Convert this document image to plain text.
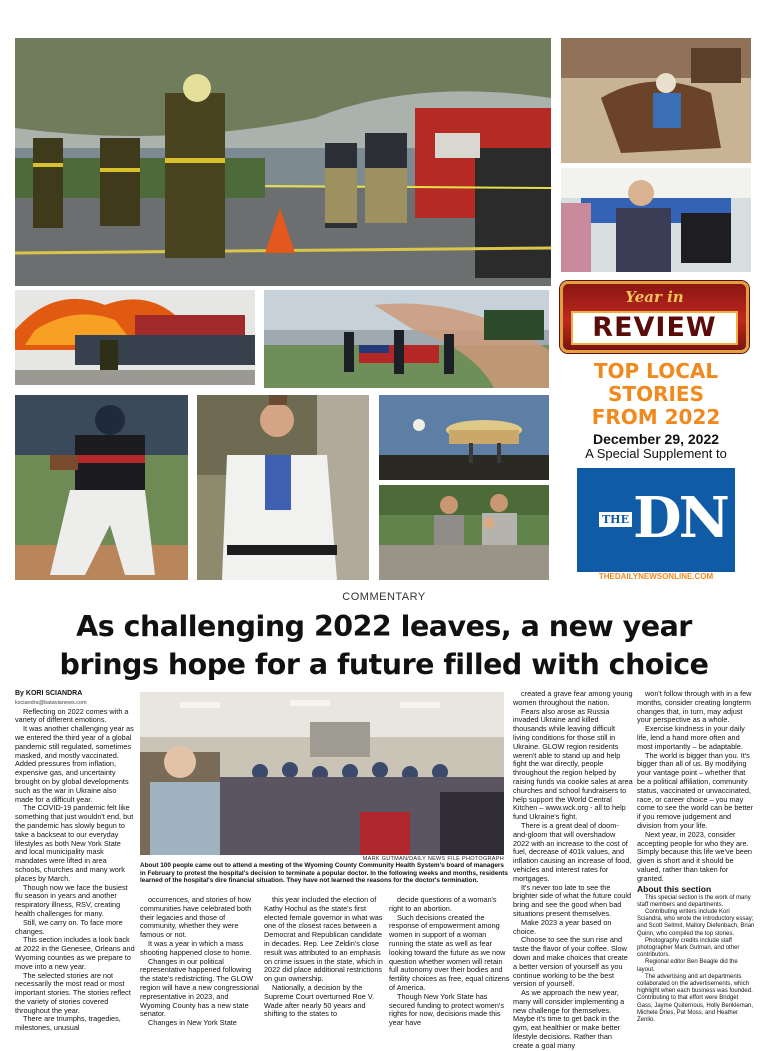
Year in
REVIEW
TOP LOCAL
STORIES
FROM 2022
December 29, 2022
A Special Supplement to
THE DN
THEDAILYNEWSONLINE.COM
COMMENTARY
As challenging 2022 leaves, a new year
brings hope for a future filled with choice

By KORI SCIANDRA

ksciandra@batavianews.com

Reflecting on 2022 comes with a variety of different emotions.

It was another challenging year as we entered the third year of a global pandemic still regulated, sometimes masked, and mostly vaccinated. Added pressures from inflation, expensive gas, and uncertainty brought on by global developments such as the war in Ukraine also made for a difficult year.

The COVID-19 pandemic felt like something that just wouldn't end, but the pandemic has slowly begun to take a backseat to our everyday lifestyles as both New York State and local municipality mask mandates were lifted in area schools, churches and many work places by March.

Though now we face the busiest flu season in years and another respiratory illness, RSV, creating health challenges for many.

Still, we carry on. To face more changes.

This section includes a look back at 2022 in the Genesee, Orleans and Wyoming counties as we prepare to move into a new year.

The selected stories are not necessarily the most read or most important stories. The stories reflect the variety of stories covered throughout the year.

There are triumphs, tragedies, milestones, unusual

MARK GUTMAN/DAILY NEWS FILE PHOTOGRAPH

About 100 people came out to attend a meeting of the Wyoming County Community Health System's board of managers in February to protest the hospital's decision to terminate a popular doctor. In the following weeks and months, residents learned of the hospital's dire financial situation. They have not learned the reasons for the doctor's termination.

occurrences, and stories of how communities have celebrated both their legacies and those of community, whether they were famous or not.

It was a year in which a mass shooting happened close to home.

Changes in our political representative happened following the state's redistricting. The GLOW region will have a new congressional representative in 2023, and Wyoming County has a new state senator.

Changes in New York State

this year included the election of Kathy Hochul as the state's first elected female governor in what was one of the closest races between a Democrat and Republican candidate in decades. Rep. Lee Zeldin's close result was attributed to an emphasis on crime issues in the state, which in 2022 did place additional restrictions on gun ownership.

Nationally, a decision by the Supreme Court overturned Roe V. Wade after nearly 50 years and shifting to the states to

decide questions of a woman's right to an abortion.

Such decisions created the response of empowerment among women in support of a woman running the state as well as fear looking toward the future as we now question whether women will retain full autonomy over their bodies and fertility choices as free, equal citizens of America.

Though New York State has secured funding to protect women's rights for now, decisions made this year have

created a grave fear among young women throughout the nation.

Fears also arose as Russia invaded Ukraine and killed thousands while leaving difficult living conditions for those still in Ukraine. GLOW region residents weren't able to stand up and help fight the war directly, people throughout the region helped by raising funds via cookie sales at area churches and school fundraisers to help support the World Central Kitchen – www.wck.org - all to help fund Ukraine's fight.

There is a great deal of doom-and-gloom that will overshadow 2022 with an increase to the cost of fuel, decrease of 401k values, and inflation causing an increase of food, vehicles and interest rates for mortgages.

It's never too late to see the brighter side of what the future could bring and see the good when bad situations present themselves.

Make 2023 a year based on choice.

Choose to see the sun rise and taste the flavor of your coffee. Slow down and make choices that create a better version of yourself as you continue working to be the best version of yourself.

As we approach the new year, many will consider implementing a new challenge for themselves. Maybe it's time to get back in the gym, eat healthier or make better lifestyle decisions. Rather than create a goal many

won't follow through with in a few months, consider creating longterm changes that, in turn, may adjust your perspective as a whole.

Exercise kindness in your daily life, lend a hand more often and most importantly – be adaptable.

The world is bigger than you. It's bigger than all of us. By modifying your vantage point – whether that be a political affiliation, community status, vaccinated or unvaccinated, race, or career choice – you may come to see the world can be better if you remove judgement and division from your life.

Next year, in 2023, consider accepting people for who they are. Simply because this life we've been given is short and it should be valued, rather than taken for granted.

About this section

This special section is the work of many staff members and departments.

Contributing writers include Kori Sciandra, who wrote the introductory essay; and Scott Seltmit, Mallory Diefenbach, Brian Quinn, who compiled the top stories.

Photography credits include staff photographer Mark Gutman, and other contributors.

Regional editor Ben Beagle did the layout.

The advertising and art departments collaborated on the advertisements, which highlight when each business was founded. Contributing to that effort were Bridget Gass, Jayme Quiternous, Holly Benkleman, Michele Dries, Pat Moss, and Heather Zenlio.
